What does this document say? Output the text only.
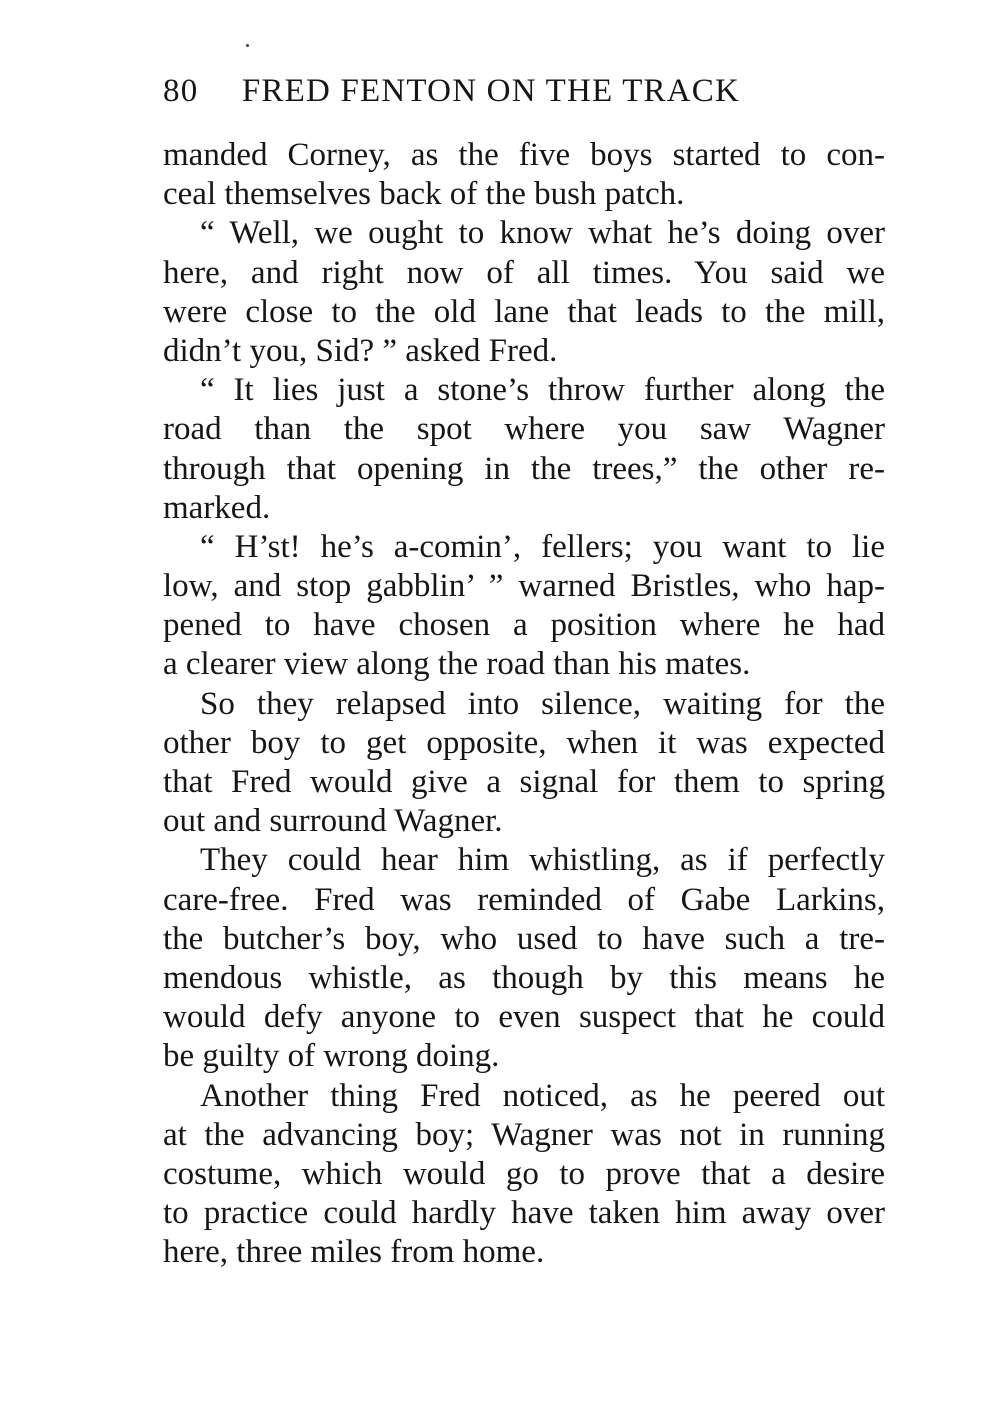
80 FRED FENTON ON THE TRACK
manded Corney, as the five boys started to con-
ceal themselves back of the bush patch.
“ Well, we ought to know what he’s doing over
here, and right now of all times. You said we
were close to the old lane that leads to the mill,
didn’t you, Sid? ” asked Fred.
“ It lies just a stone’s throw further along the
road than the spot where you saw Wagner
through that opening in the trees,” the other re-
marked.
“ H’st! he’s a-comin’, fellers; you want to lie
low, and stop gabblin’ ” warned Bristles, who hap-
pened to have chosen a position where he had
a clearer view along the road than his mates.
So they relapsed into silence, waiting for the
other boy to get opposite, when it was expected
that Fred would give a signal for them to spring
out and surround Wagner.
They could hear him whistling, as if perfectly
care-free. Fred was reminded of Gabe Larkins,
the butcher’s boy, who used to have such a tre-
mendous whistle, as though by this means he
would defy anyone to even suspect that he could
be guilty of wrong doing.
Another thing Fred noticed, as he peered out
at the advancing boy; Wagner was not in running
costume, which would go to prove that a desire
to practice could hardly have taken him away over
here, three miles from home.
